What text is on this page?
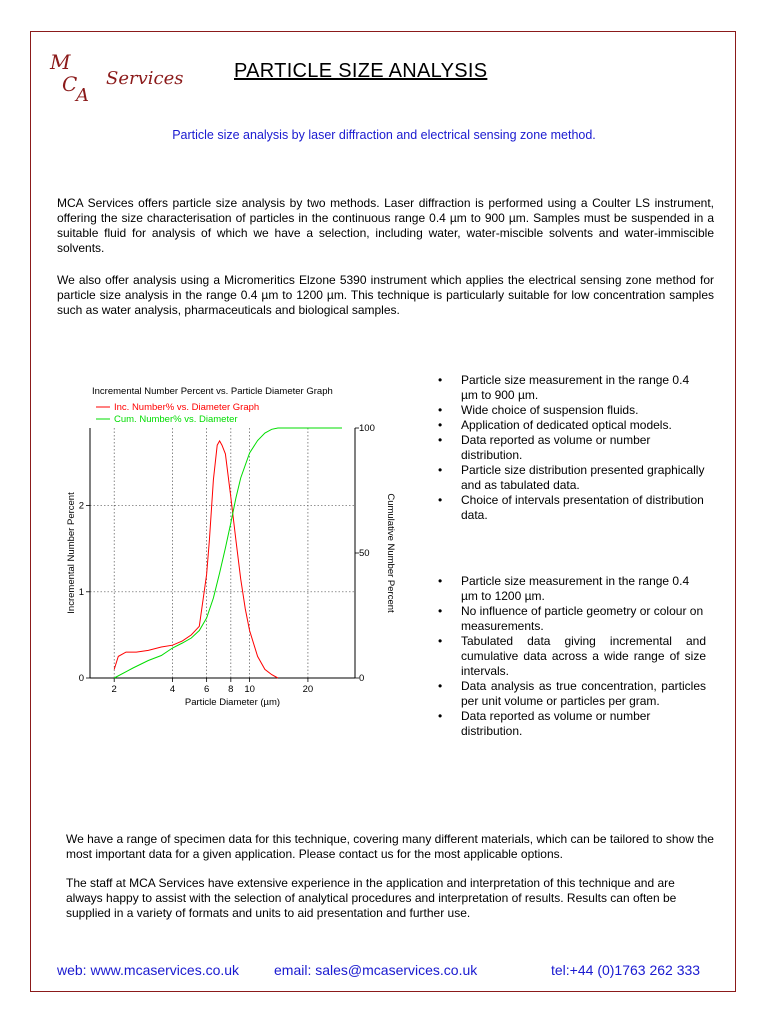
M
C
A
Services	PARTICLE SIZE ANALYSIS
Particle size analysis by laser diffraction and electrical sensing zone method.

MCA Services offers particle size analysis by two methods. Laser diffraction is performed using a Coulter LS instrument, offering the size characterisation of particles in the continuous range 0.4 µm to 900 µm. Samples must be suspended in a suitable fluid for analysis of which we have a selection, including water, water-miscible solvents and water-immiscible solvents.

We also offer analysis using a Micromeritics Elzone 5390 instrument which applies the electrical sensing zone method for particle size analysis in the range 0.4 µm to 1200 µm. This technique is particularly suitable for low concentration samples such as water analysis, pharmaceuticals and biological samples.

Incremental Number Percent vs. Particle Diameter Graph
2	4	6 8 10	20
0
1
2
0
50
100
Particle Diameter (µm)
Incremental Number Percent	Cumulative Number Percent
Inc. Number% vs. Diameter Graph
Cum. Number% vs. Diameter
• Particle size measurement in the range 0.4 µm to 900 µm.
• Wide choice of suspension fluids.
• Application of dedicated optical models.
• Data reported as volume or number distribution.
• Particle size distribution presented graphically and as tabulated data.
• Choice of intervals presentation of distribution data.
• Particle size measurement in the range 0.4 µm to 1200 µm.
• No influence of particle geometry or colour on measurements.
• Tabulated data giving incremental and cumulative data across a wide range of size intervals.
• Data analysis as true concentration, particles per unit volume or particles per gram.
• Data reported as volume or number distribution.

We have a range of specimen data for this technique, covering many different materials, which can be tailored to show the most important data for a given application. Please contact us for the most applicable options.

The staff at MCA Services have extensive experience in the application and interpretation of this technique and are always happy to assist with the selection of analytical procedures and interpretation of results. Results can often be supplied in a variety of formats and units to aid presentation and further use.

web: www.mcaservices.co.uk email: sales@mcaservices.co.uk	tel:+44 (0)1763 262 333
